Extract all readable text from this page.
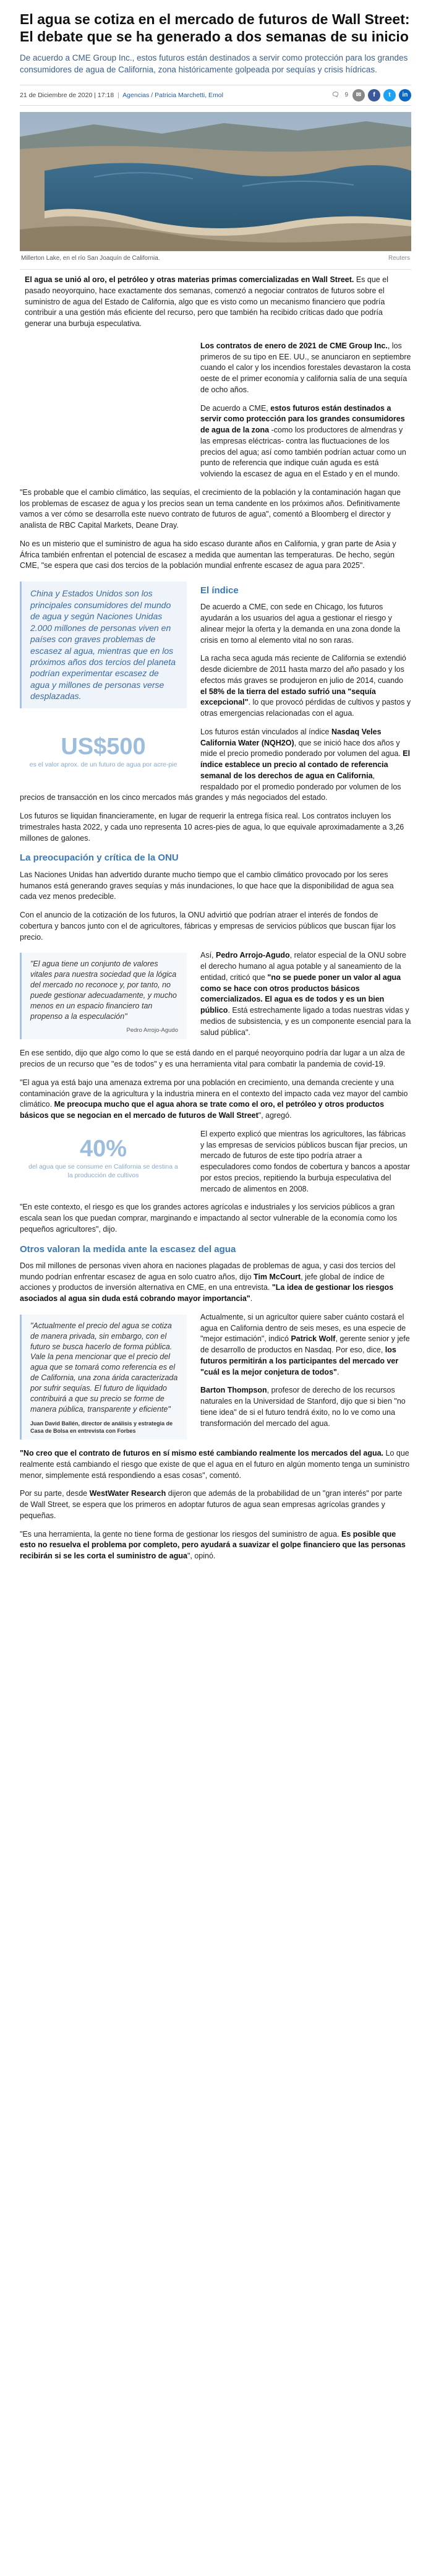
El agua se cotiza en el mercado de futuros de Wall Street: El debate que se ha generado a dos semanas de su inicio
De acuerdo a CME Group Inc., estos futuros están destinados a servir como protección para los grandes consumidores de agua de California, zona históricamente golpeada por sequías y crisis hídricas.
21 de Diciembre de 2020 | 17:18 | Agencias / Patricia Marchetti, Emol	🗨 9	✉	f	t	in
Millerton Lake, en el río San Joaquín de California.	Reuters

El agua se unió al oro, el petróleo y otras materias primas comercializadas en Wall Street. Es que el pasado neoyorquino, hace exactamente dos semanas, comenzó a negociar contratos de futuros sobre el suministro de agua del Estado de California, algo que es visto como un mecanismo financiero que podría contribuir a una gestión más eficiente del recurso, pero que también ha recibido críticas dado que podría generar una burbuja especulativa.

Los contratos de enero de 2021 de CME Group Inc., los primeros de su tipo en EE. UU., se anunciaron en septiembre cuando el calor y los incendios forestales devastaron la costa oeste de el primer economía y california salía de una sequía de ocho años.

De acuerdo a CME, estos futuros están destinados a servir como protección para los grandes consumidores de agua de la zona -como los productores de almendras y las empresas eléctricas- contra las fluctuaciones de los precios del agua; así como también podrían actuar como un punto de referencia que indique cuán aguda es está volviendo la escasez de agua en el Estado y en el mundo.

"Es probable que el cambio climático, las sequías, el crecimiento de la población y la contaminación hagan que los problemas de escasez de agua y los precios sean un tema candente en los próximos años. Definitivamente vamos a ver cómo se desarrolla este nuevo contrato de futuros de agua", comentó a Bloomberg el director y analista de RBC Capital Markets, Deane Dray.

No es un misterio que el suministro de agua ha sido escaso durante años en California, y gran parte de Asia y África también enfrentan el potencial de escasez a medida que aumentan las temperaturas. De hecho, según CME, "se espera que casi dos tercios de la población mundial enfrente escasez de agua para 2025".

China y Estados Unidos son los principales consumidores del mundo de agua y según Naciones Unidas 2.000 millones de personas viven en países con graves problemas de escasez al agua, mientras que en los próximos años dos tercios del planeta podrían experimentar escasez de agua y millones de personas verse desplazadas.
El índice

De acuerdo a CME, con sede en Chicago, los futuros ayudarán a los usuarios del agua a gestionar el riesgo y alinear mejor la oferta y la demanda en una zona donde la crisis en torno al elemento vital no son raras.

La racha seca aguda más reciente de California se extendió desde diciembre de 2011 hasta marzo del año pasado y los efectos más graves se produjeron en julio de 2014, cuando el 58% de la tierra del estado sufrió una "sequía excepcional". lo que provocó pérdidas de cultivos y pastos y otras emergencias relacionadas con el agua.

US$500
es el valor aprox. de un futuro de agua por acre-pie

Los futuros están vinculados al índice Nasdaq Veles California Water (NQH2O), que se inició hace dos años y mide el precio promedio ponderado por volumen del agua. El índice establece un precio al contado de referencia semanal de los derechos de agua en California, respaldado por el promedio ponderado por volumen de los precios de transacción en los cinco mercados más grandes y más negociados del estado.

Los futuros se liquidan financieramente, en lugar de requerir la entrega física real. Los contratos incluyen los trimestrales hasta 2022, y cada uno representa 10 acres-pies de agua, lo que equivale aproximadamente a 3,26 millones de galones.

La preocupación y crítica de la ONU

Las Naciones Unidas han advertido durante mucho tiempo que el cambio climático provocado por los seres humanos está generando graves sequías y más inundaciones, lo que hace que la disponibilidad de agua sea cada vez menos predecible.

Con el anuncio de la cotización de los futuros, la ONU advirtió que podrían atraer el interés de fondos de cobertura y bancos junto con el de agricultores, fábricas y empresas de servicios públicos que buscan fijar los precio.

"El agua tiene un conjunto de valores vitales para nuestra sociedad que la lógica del mercado no reconoce y, por tanto, no puede gestionar adecuadamente, y mucho menos en un espacio financiero tan propenso a la especulación"
Pedro Arrojo-Agudo

Así, Pedro Arrojo-Agudo, relator especial de la ONU sobre el derecho humano al agua potable y al saneamiento de la entidad, criticó que "no se puede poner un valor al agua como se hace con otros productos básicos comercializados. El agua es de todos y es un bien público. Está estrechamente ligado a todas nuestras vidas y medios de subsistencia, y es un componente esencial para la salud pública".

En ese sentido, dijo que algo como lo que se está dando en el parqué neoyorquino podría dar lugar a un alza de precios de un recurso que "es de todos" y es una herramienta vital para combatir la pandemia de covid-19.

"El agua ya está bajo una amenaza extrema por una población en crecimiento, una demanda creciente y una contaminación grave de la agricultura y la industria minera en el contexto del impacto cada vez mayor del cambio climático. Me preocupa mucho que el agua ahora se trate como el oro, el petróleo y otros productos básicos que se negocian en el mercado de futuros de Wall Street", agregó.

40%
del agua que se consume en California se destina a la producción de cultivos

El experto explicó que mientras los agricultores, las fábricas y las empresas de servicios públicos buscan fijar precios, un mercado de futuros de este tipo podría atraer a especuladores como fondos de cobertura y bancos a apostar por estos precios, repitiendo la burbuja especulativa del mercado de alimentos en 2008.

"En este contexto, el riesgo es que los grandes actores agrícolas e industriales y los servicios públicos a gran escala sean los que puedan comprar, marginando e impactando al sector vulnerable de la economía como los pequeños agricultores", dijo.

Otros valoran la medida ante la escasez del agua

Dos mil millones de personas viven ahora en naciones plagadas de problemas de agua, y casi dos tercios del mundo podrían enfrentar escasez de agua en solo cuatro años, dijo Tim McCourt, jefe global de índice de acciones y productos de inversión alternativa en CME, en una entrevista. "La idea de gestionar los riesgos asociados al agua sin duda está cobrando mayor importancia".

"Actualmente el precio del agua se cotiza de manera privada, sin embargo, con el futuro se busca hacerlo de forma pública. Vale la pena mencionar que el precio del agua que se tomará como referencia es el de California, una zona árida caracterizada por sufrir sequías. El futuro de liquidado contribuirá a que su precio se forme de manera pública, transparente y eficiente"
Juan David Ballén, director de análisis y estrategia de Casa de Bolsa en entrevista con Forbes

Actualmente, si un agricultor quiere saber cuánto costará el agua en California dentro de seis meses, es una especie de "mejor estimación", indicó Patrick Wolf, gerente senior y jefe de desarrollo de productos en Nasdaq. Por eso, dice, los futuros permitirán a los participantes del mercado ver "cuál es la mejor conjetura de todos".

Barton Thompson, profesor de derecho de los recursos naturales en la Universidad de Stanford, dijo que si bien "no tiene idea" de si el futuro tendrá éxito, no lo ve como una transformación del mercado del agua.

"No creo que el contrato de futuros en sí mismo esté cambiando realmente los mercados del agua. Lo que realmente está cambiando el riesgo que existe de que el agua en el futuro en algún momento tenga un suministro menor, simplemente está respondiendo a esas cosas", comentó.

Por su parte, desde WestWater Research dijeron que además de la probabilidad de un "gran interés" por parte de Wall Street, se espera que los primeros en adoptar futuros de agua sean empresas agrícolas grandes y pequeñas.

"Es una herramienta, la gente no tiene forma de gestionar los riesgos del suministro de agua. Es posible que esto no resuelva el problema por completo, pero ayudará a suavizar el golpe financiero que las personas recibirán si se les corta el suministro de agua", opinó.
